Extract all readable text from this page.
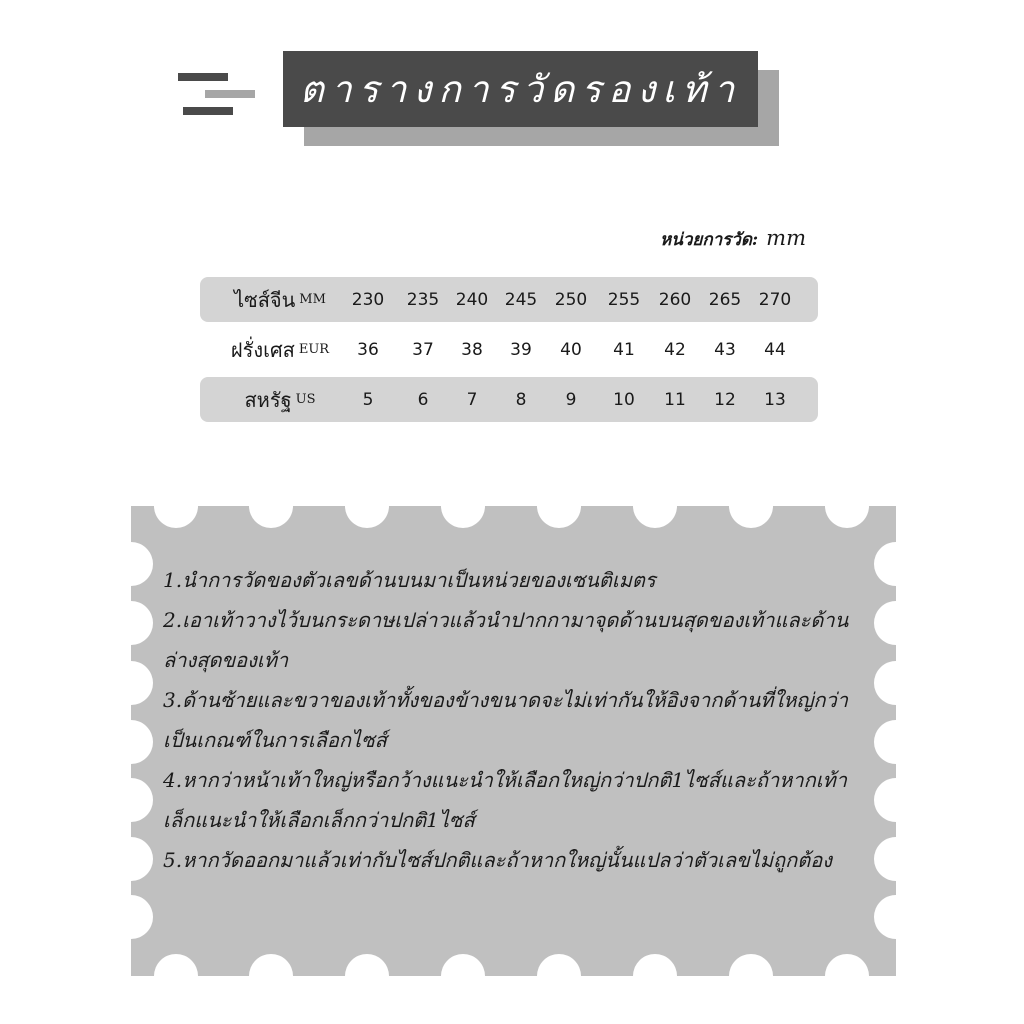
ตารางการวัดรองเท้า
หน่วยการวัด: mm
ไซส์จีน MM	230	235 240 245	250	255	260	265	270
ฝรั่งเศส EUR	36	37	38	39	40	41	42	43	44
สหรัฐ US	5	6	7	8	9	10	11	12	13

1.นำการวัดของตัวเลขด้านบนมาเป็นหน่วยของเซนติเมตร

2.เอาเท้าวางไว้บนกระดาษเปล่าวแล้วนำปากกามาจุดด้านบนสุดของเท้าและด้านล่างสุดของเท้า

3.ด้านซ้ายและขวาของเท้าทั้งของข้างขนาดจะไม่เท่ากันให้อิงจากด้านที่ใหญ่กว่าเป็นเกณฑ์ในการเลือกไซส์

4.หากว่าหน้าเท้าใหญ่หรือกว้างแนะนำให้เลือกใหญ่กว่าปกติ1ไซส์และถ้าหากเท้าเล็กแนะนำให้เลือกเล็กกว่าปกติ1ไซส์

5.หากวัดออกมาแล้วเท่ากับไซส์ปกติและถ้าหากใหญ่นั้นแปลว่าตัวเลขไม่ถูกต้อง
